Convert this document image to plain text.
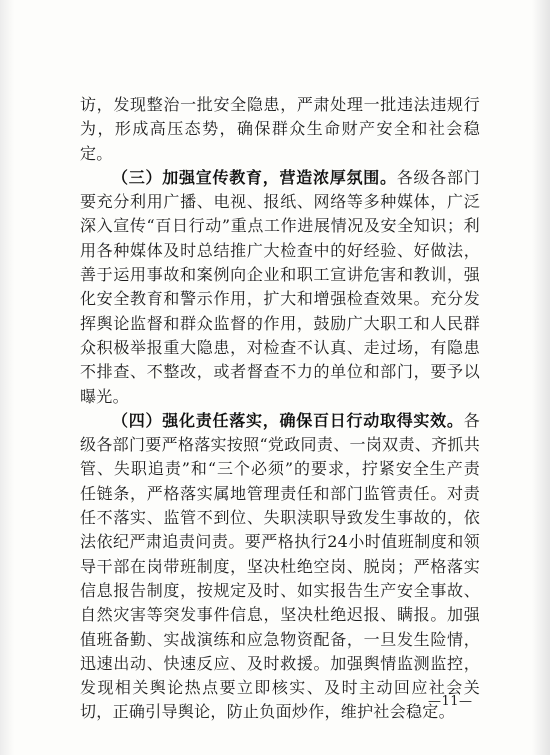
访，发现整治一批安全隐患，严肃处理一批违法违规行为，形成高压态势，确保群众生命财产安全和社会稳定。

（三）加强宣传教育，营造浓厚氛围。各级各部门要充分利用广播、电视、报纸、网络等多种媒体，广泛深入宣传“百日行动”重点工作进展情况及安全知识；利用各种媒体及时总结推广大检查中的好经验、好做法，善于运用事故和案例向企业和职工宣讲危害和教训，强化安全教育和警示作用，扩大和增强检查效果。充分发挥舆论监督和群众监督的作用，鼓励广大职工和人民群众积极举报重大隐患，对检查不认真、走过场，有隐患不排查、不整改，或者督查不力的单位和部门，要予以曝光。

（四）强化责任落实，确保百日行动取得实效。各级各部门要严格落实按照“党政同责、一岗双责、齐抓共管、失职追责”和“三个必须”的要求，拧紧安全生产责任链条，严格落实属地管理责任和部门监管责任。对责任不落实、监管不到位、失职渎职导致发生事故的，依法依纪严肃追责问责。要严格执行24小时值班制度和领导干部在岗带班制度，坚决杜绝空岗、脱岗；严格落实信息报告制度，按规定及时、如实报告生产安全事故、自然灾害等突发事件信息，坚决杜绝迟报、瞒报。加强值班备勤、实战演练和应急物资配备，一旦发生险情，迅速出动、快速反应、及时救援。加强舆情监测监控，发现相关舆论热点要立即核实、及时主动回应社会关切，正确引导舆论，防止负面炒作，维护社会稳定。

—11—
